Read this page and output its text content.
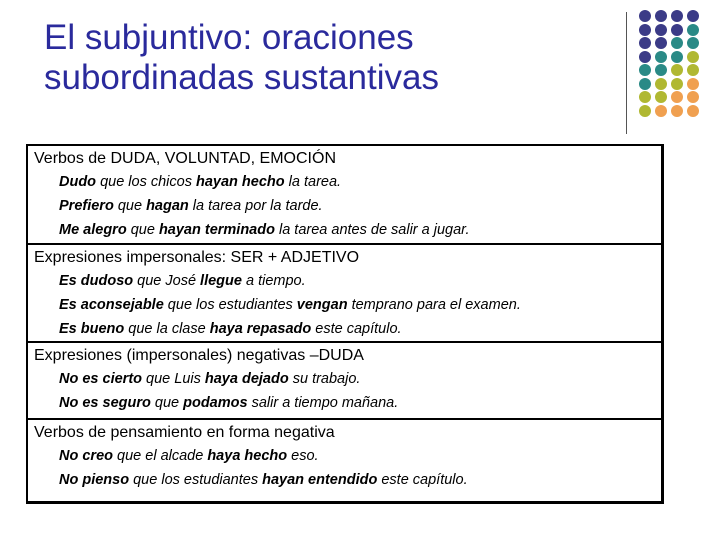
El subjuntivo: oraciones
subordinadas sustantivas
Verbos de DUDA, VOLUNTAD, EMOCIÓN
Dudo que los chicos hayan hecho la tarea.
Prefiero que hagan la tarea por la tarde.
Me alegro que hayan terminado la tarea antes de salir a jugar.
Expresiones impersonales: SER + ADJETIVO
Es dudoso que José llegue a tiempo.
Es aconsejable que los estudiantes vengan temprano para el examen.
Es bueno que la clase haya repasado este capítulo.
Expresiones (impersonales) negativas –DUDA
No es cierto que Luis haya dejado su trabajo.
No es seguro que podamos salir a tiempo mañana.
Verbos de pensamiento en forma negativa
No creo que el alcade haya hecho eso.
No pienso que los estudiantes hayan entendido este capítulo.
